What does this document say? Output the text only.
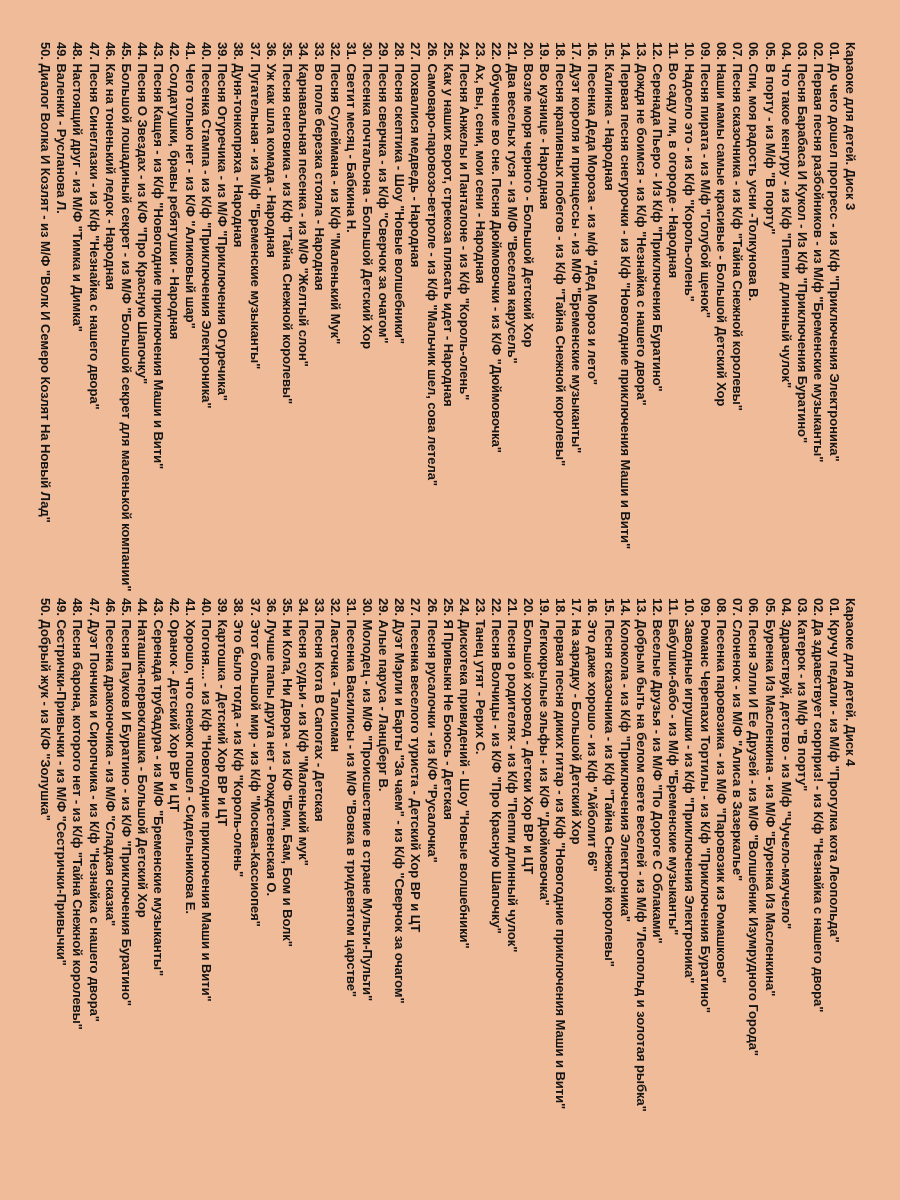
Караоке для детей. Диск 3
01. До чего дошел прогресс - из К/ф "Приключения Электроника"
02. Первая песня разбойников - из М/ф "Бременские музыканты"
03. Песня Барабаса И Кукол - Из К/ф "Приключения Буратино"
04. Что такое кенгуру - из К/ф "Пеппи длинный чулок"
05. В порту - из М/ф "В порту"
06. Спи, моя радость усни -Толкунова В.
07. Песня сказочника - из К/ф "Тайна Снежной королевы"
08. Наши мамы самые красивые - Большой Детский Хор
09. Песня пирата - из М/ф "Голубой щенок"
10. Надоело это - из К/ф "Король-олень"
11. Во саду ли, в огороде - Народная
12. Серенада Пьеро - Из К/ф "Приключения Буратино"
13. Дождя не боимся - из К/ф "Незнайка с нашего двора"
14. Первая песня снегурочки - из К/ф "Новогодние приключения Маши и Вити"
15. Калинка - Народная
16. Песенка Деда Мороза - из м/ф "Дед Мороз и лето"
17. Дуэт короля и принцессы - из М/Ф "Бременские музыканты"
18. Песня крапивных побегов - из К/ф "Тайна Снежной королевы"
19. Во кузнице - Народная
20. Возле моря черного - Большой Детский Хор
21. Два веселых гуся - из М/Ф "Веселая карусель"
22. Обучение во сне. Песня Дюймовочки - из К/Ф "Дюймовочка"
23. Ах, вы, сени, мои сени - Народная
24. Песня Анжелы и Панталоне - из К/ф "Король-олень"
25. Как у наших ворот, стрекоза плясать идет - Народная
26. Самоварo-паровозо-ветроле - из К/ф "Мальчик шел, сова летела"
27. Похвалися медведь - Народная
28. Песня скептика - Шоу "Новые волшебники"
29. Песня сверчка - из К/ф "Сверчок за очагом"
30. Песенка почтальона - Большой Детский Хор
31. Светит месяц - Бабкина Н.
32. Песня Сулеймана - из К/ф "Маленький Мук"
33. Во поле березка стояла - Народная
34. Карнавальная песенка - из М/Ф "Желтый слон"
35. Песня снеговика - из К/ф "Тайна Снежной королевы"
36. Уж как шла комада - Народная
37. Пугательная - из М/ф "Бременские музыканты"
38. Дуня-тонкопряха - Народная
39. Песня Огуречика - из М/Ф "Приключения Огуречика"
40. Песенка Стампа - из К/ф "Приключения Электроника"
41. Чего только нет - из К/Ф "Аликовый шар"
42. Солдатушки, бравы ребятушки - Народная
43. Песня Кащея - из К/ф "Новогодние приключения Маши и Вити"
44. Песня О Звездах - из К/Ф "Про Красную Шапочку"
45. Большой лошадиный секрет - из М/Ф "Большой секрет для маленькой компании"
46. Как на тоненький ледок - Народная
47. Песня Синеглазки - из К/ф "Незнайка с нашего двора"
48. Настоящий друг - из М/Ф "Тимка и Димка"
49. Валенки - Русланова Л.
50. Диалог Волка И Козлят - из М/Ф "Волк И Семеро Козлят На Новый Лад"
Караоке для детей. Диск 4
01. Кручу педали - из М/ф "Прогулка кота Леопольда"
02. Да здравствует сюрприз! - из К/ф "Незнайка с нашего двора"
03. Катерок - из М/ф "В порту"
04. Здравствуй, детство - из М/ф "Чучело-мяучело"
05. Буренка Из Масленкина - из М/Ф "Буренка Из Масленкина"
06. Песня Элли И Ее Друзей - из М/Ф "Волшебник Изумрудного Города"
07. Слоненок - из М/Ф "Алиса в Зазеркалье"
08. Песенка паровозика - из М/Ф "Паровозик из Ромашково"
09. Романс Черепахи Тортилы - из К/ф "Приключения Буратино"
10. Заводные игрушки - из К/ф "Приключения Электроника"
11. Бабушки-бабо - из М/ф "Бременские музыканты"
12. Веселые Друзья - из М/Ф "По Дороге С Облаками"
13. Добрым быть на белом свете веселей - из М/ф "Леопольд и золотая рыбка"
14. Колокола - из К/ф "Приключения Электроника"
15. Песня сказочника - из К/ф "Тайна Снежной королевы"
16. Это даже хорошо - из К/ф "Айболит 66"
17. На зарядку - Большой Детский Хор
18. Первая песня диких гитар - из К/ф "Новогодние приключения Маши и Вити"
19. Легкокрылые эльфы - из К/Ф "Дюймовочка"
20. Большой хоровод - Детски Хор ВР и ЦТ
21. Песня о родителях - из К/ф "Пеппи длинный чулок"
22. Песня Волчицы - из К/Ф "Про Красную Шапочку"
23. Танец утят - Рерих С.
24. Дискотека привидений - Шоу "Новые волшебники"
25. Я Привыкн Не Боюсь - Детская
26. Песня русалочки - из К/Ф "Русалочка"
27. Песенка веселого туриста - Детский Хор ВР и ЦТ
28. Дуэт Мэрли и Барты "За чаем" - из К/ф "Сверчок за очагом"
29. Алые паруса - Ланцберг В.
30. Молодец - из М/Ф "Происшествие в стране Мульти-Пульти"
31. Песенка Василисы - из М/Ф "Вовка в тридевятом царстве"
32. Ласточка - Талисман
33. Песня Кота В Сапогах - Детская
34. Песня судьи - из К/ф "Маленький мук"
35. Ни Кола, Ни Двора - из К/Ф "Бим, Бам, Бом и Волк"
36. Лучше папы друга нет - Рождественская О.
37. Этот большой мир - из К/ф "Москва-Кассиопея"
38. Это было тогда - из К/ф "Король-олень"
39. Картошка - Детский Хор ВР и ЦТ
40. Погоня.... - из К/ф "Новогодние приключения Маши и Вити"
41. Хорошо, что снежок пошел - Сидельникова Е.
42. Оранок - Детский Хор ВР и ЦТ
43. Серенада трубадура - из М/Ф "Бременские музыканты"
44. Наташка-первоклашка - Большой Детский Хор
45. Песня Пауков И Буратино - из К/Ф "Приключения Буратино"
46. Песенка драконочика - из М/Ф "Сладкая сказка"
47. Дуэт Пончика и Сиропчика - из К/ф "Незнайка с нашего двора"
48. Песня барона, которого нет - из К/ф "Тайна Снежной королевы"
49. Сестрички-Привычки - из М/Ф "Сестрички-Привычки"
50. Добрый жук - из К/Ф "Золушка"
